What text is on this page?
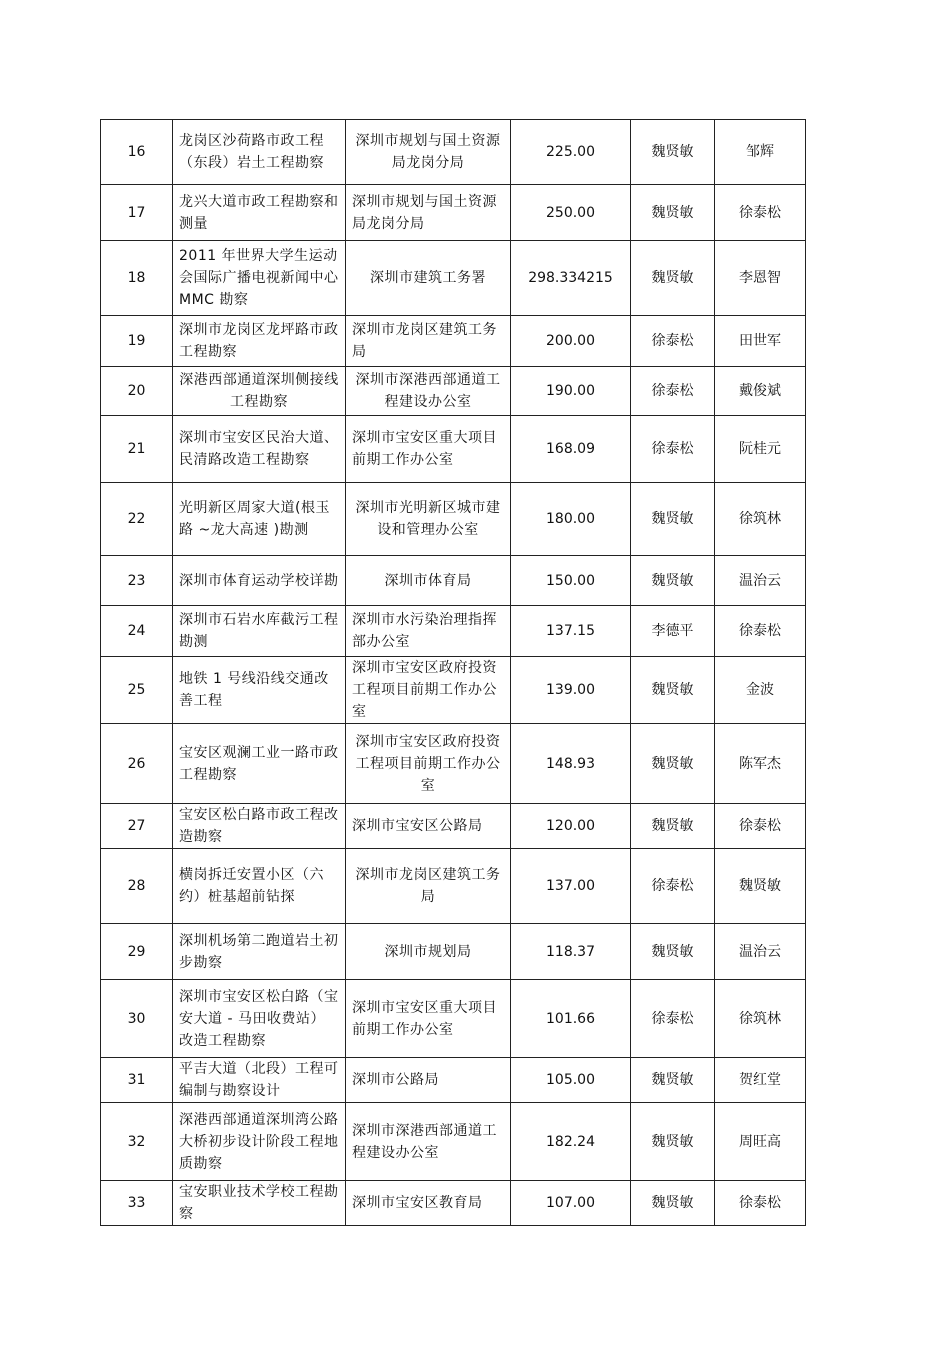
16	龙岗区沙荷路市政工程（东段）岩土工程勘察	深圳市规划与国土资源局龙岗分局	225.00	魏贤敏	邹辉
17	龙兴大道市政工程勘察和测量	深圳市规划与国土资源局龙岗分局	250.00	魏贤敏	徐泰松
18	2011 年世界大学生运动会国际广播电视新闻中心 MMC 勘察	深圳市建筑工务署	298.334215	魏贤敏	李恩智
19	深圳市龙岗区龙坪路市政工程勘察	深圳市龙岗区建筑工务局	200.00	徐泰松	田世军
20	深港西部通道深圳侧接线工程勘察	深圳市深港西部通道工程建设办公室	190.00	徐泰松	戴俊斌
21	深圳市宝安区民治大道、民清路改造工程勘察	深圳市宝安区重大项目前期工作办公室	168.09	徐泰松	阮桂元
22	光明新区周家大道(根玉路 ~龙大高速 )勘测	深圳市光明新区城市建设和管理办公室	180.00	魏贤敏	徐筑林
23	深圳市体育运动学校详勘	深圳市体育局	150.00	魏贤敏	温治云
24	深圳市石岩水库截污工程勘测	深圳市水污染治理指挥部办公室	137.15	李德平	徐泰松
25	地铁 1 号线沿线交通改善工程	深圳市宝安区政府投资工程项目前期工作办公室	139.00	魏贤敏	金波
26	宝安区观澜工业一路市政工程勘察	深圳市宝安区政府投资工程项目前期工作办公室	148.93	魏贤敏	陈军杰
27	宝安区松白路市政工程改造勘察	深圳市宝安区公路局	120.00	魏贤敏	徐泰松
28	横岗拆迁安置小区（六约）桩基超前钻探	深圳市龙岗区建筑工务局	137.00	徐泰松	魏贤敏
29	深圳机场第二跑道岩土初步勘察	深圳市规划局	118.37	魏贤敏	温治云
30	深圳市宝安区松白路（宝安大道 - 马田收费站）改造工程勘察	深圳市宝安区重大项目前期工作办公室	101.66	徐泰松	徐筑林
31	平吉大道（北段）工程可编制与勘察设计	深圳市公路局	105.00	魏贤敏	贺红堂
32	深港西部通道深圳湾公路大桥初步设计阶段工程地质勘察	深圳市深港西部通道工程建设办公室	182.24	魏贤敏	周旺高
33	宝安职业技术学校工程勘察	深圳市宝安区教育局	107.00	魏贤敏	徐泰松
